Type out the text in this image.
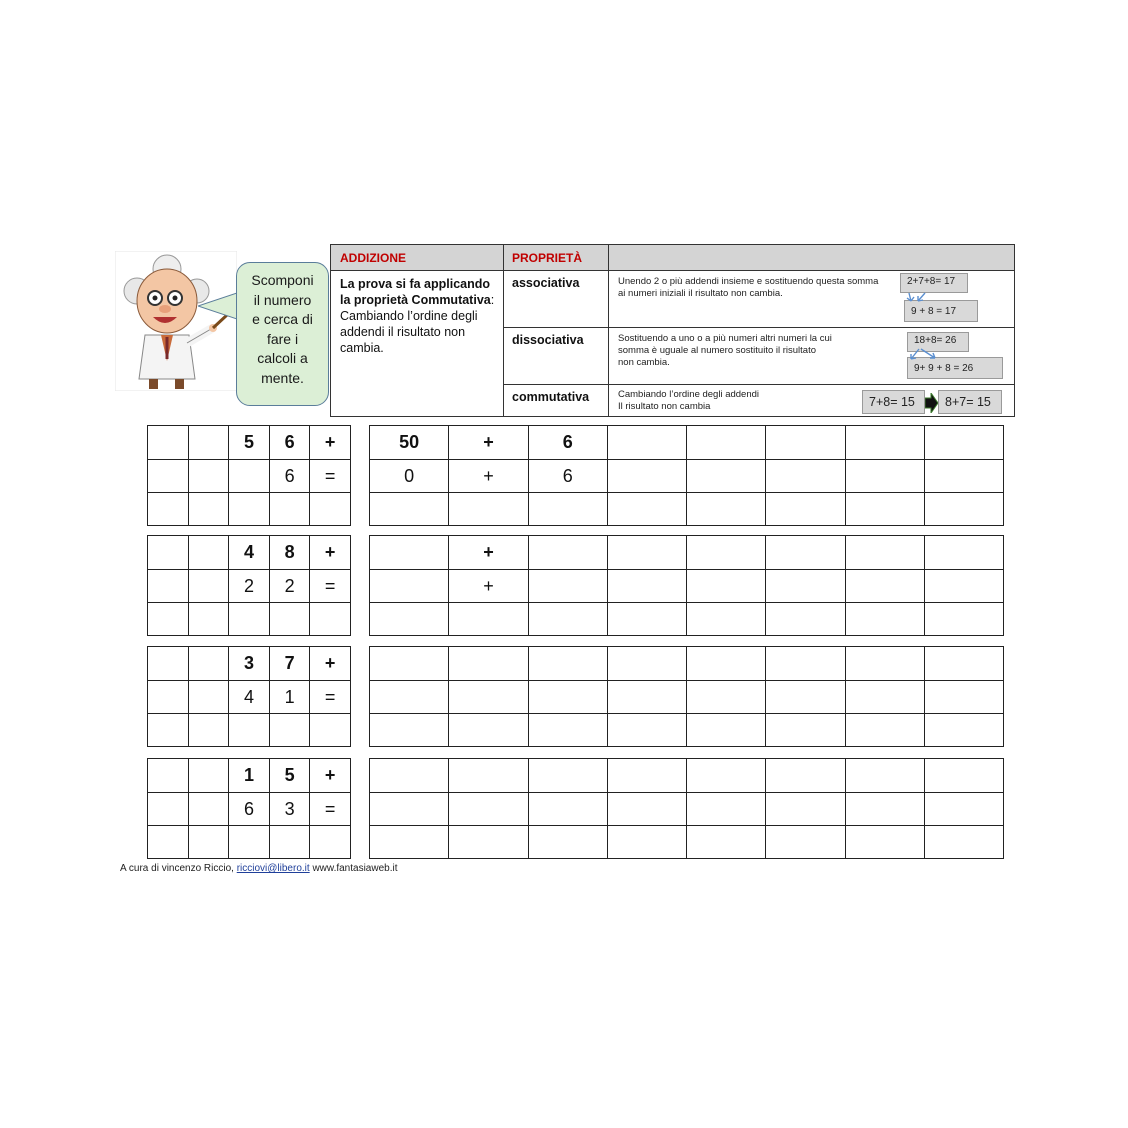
Scomponi
il numero
e cerca di
fare i
calcoli a
mente.
ADDIZIONE	PROPRIETÀ
La prova si fa applicando la proprietà Commutativa: Cambiando l’ordine degli addendi il risultato non cambia.
associativa	Unendo 2 o più addendi insieme e sostituendo questa somma
ai numeri iniziali il risultato non cambia.
2+7+8= 17
9 + 8 = 17
dissociativa	Sostituendo a uno o a più numeri altri numeri la cui
somma è uguale al numero sostituito il risultato
non cambia.
18+8= 26
9+ 9 + 8 = 26
commutativa	Cambiando l’ordine degli addendi
Il risultato non cambia	7+8= 15	8+7= 15
		5	6	+
			6	=

50	+	6					
0	+	6					

		4	8	+
		2	2	=

	+						
	+						

		3	7	+
		4	1	=

		1	5	+
		6	3	=

A cura di vincenzo Riccio, ricciovi@libero.it www.fantasiaweb.it
